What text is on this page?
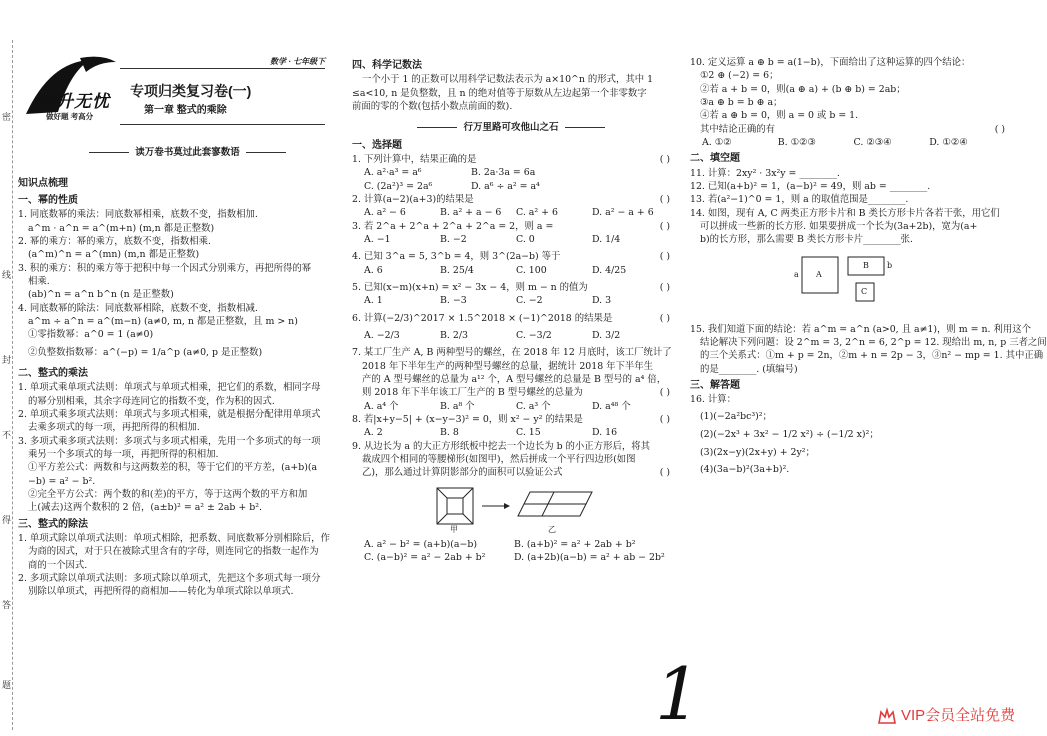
密
线
封
不
得
答
题
高升无忧
做好题 考高分
数学 · 七年级下
专项归类复习卷(一)
第一章 整式的乘除
读万卷书莫过此套寥数语
知识点梳理
一、幂的性质
1. 同底数幂的乘法：同底数幂相乘，底数不变，指数相加.
a^m · a^n = a^(m+n) (m,n 都是正整数)
2. 幂的乘方：幂的乘方，底数不变，指数相乘.
(a^m)^n = a^(mn) (m,n 都是正整数)
3. 积的乘方：积的乘方等于把积中每一个因式分别乘方，再把所得的幂
相乘.
(ab)^n = a^n b^n (n 是正整数)
4. 同底数幂的除法：同底数幂相除，底数不变，指数相减.
a^m ÷ a^n = a^(m−n) (a≠0, m, n 都是正整数，且 m > n)
①零指数幂：a^0 = 1 (a≠0)
②负整数指数幂：a^(−p) = 1/a^p (a≠0, p 是正整数)
二、整式的乘法
1. 单项式乘单项式法则：单项式与单项式相乘，把它们的系数，相同字母
的幂分别相乘，其余字母连同它的指数不变，作为积的因式.
2. 单项式乘多项式法则：单项式与多项式相乘，就是根据分配律用单项式
去乘多项式的每一项，再把所得的积相加.
3. 多项式乘多项式法则：多项式与多项式相乘，先用一个多项式的每一项
乘另一个多项式的每一项，再把所得的积相加.
①平方差公式：两数和与这两数差的积，等于它们的平方差，(a+b)(a
−b) = a² − b².
②完全平方公式：两个数的和(差)的平方，等于这两个数的平方和加
上(减去)这两个数积的 2 倍，(a±b)² = a² ± 2ab + b².
三、整式的除法
1. 单项式除以单项式法则：单项式相除，把系数、同底数幂分别相除后，作
为商的因式，对于只在被除式里含有的字母，则连同它的指数一起作为
商的一个因式.
2. 多项式除以单项式法则：多项式除以单项式，先把这个多项式每一项分
别除以单项式，再把所得的商相加——转化为单项式除以单项式.
四、科学记数法
一个小于 1 的正数可以用科学记数法表示为 a×10^n 的形式，其中 1
≤a<10, n 是负整数，且 n 的绝对值等于原数从左边起第一个非零数字
前面的零的个数(包括小数点前面的数).
行万里路可攻他山之石
一、选择题
1. 下列计算中，结果正确的是	( )
A. a²·a³ = a⁶	B. 2a·3a = 6a
C. (2a²)³ = 2a⁶	D. a⁶ ÷ a² = a⁴
2. 计算(a−2)(a+3)的结果是	( )
A. a² − 6	B. a² + a − 6	C. a² + 6	D. a² − a + 6
3. 若 2^a + 2^a + 2^a + 2^a = 2，则 a =	( )
A. −1	B. −2	C. 0	D. 1/4
4. 已知 3^a = 5, 3^b = 4，则 3^(2a−b) 等于	( )
A. 6	B. 25/4	C. 100	D. 4/25
5. 已知(x−m)(x+n) = x² − 3x − 4，则 m − n 的值为	( )
A. 1	B. −3	C. −2	D. 3
6. 计算(−2/3)^2017 × 1.5^2018 × (−1)^2018 的结果是	( )
A. −2/3	B. 2/3	C. −3/2	D. 3/2
7. 某工厂生产 A, B 两种型号的螺丝，在 2018 年 12 月底时，该工厂统计了
2018 年下半年生产的两种型号螺丝的总量，据统计 2018 年下半年生
产的 A 型号螺丝的总量为 a¹² 个，A 型号螺丝的总量是 B 型号的 a⁴ 倍，
则 2018 年下半年该工厂生产的 B 型号螺丝的总量为	( )
A. a⁴ 个	B. a⁸ 个	C. a³ 个	D. a⁴⁸ 个
8. 若|x+y−5| + (x−y−3)² = 0，则 x² − y² 的结果是	( )
A. 2	B. 8	C. 15	D. 16
9. 从边长为 a 的大正方形纸板中挖去一个边长为 b 的小正方形后，将其
裁成四个相同的等腰梯形(如图甲)，然后拼成一个平行四边形(如图
乙)，那么通过计算阴影部分的面积可以验证公式	( )
甲	乙
A. a² − b² = (a+b)(a−b)	B. (a+b)² = a² + 2ab + b²
C. (a−b)² = a² − 2ab + b²	D. (a+2b)(a−b) = a² + ab − 2b²
1
10. 定义运算 a ⊕ b = a(1−b)，下面给出了这种运算的四个结论：
①2 ⊕ (−2) = 6；
②若 a + b = 0，则(a ⊕ a) + (b ⊕ b) = 2ab；
③a ⊕ b = b ⊕ a；
④若 a ⊕ b = 0，则 a = 0 或 b = 1.
其中结论正确的有	( )
A. ①②	B. ①②③	C. ②③④	D. ①②④
二、填空题
11. 计算：2xy² · 3x²y = ________.
12. 已知(a+b)² = 1，(a−b)² = 49，则 ab = ________.
13. 若(a²−1)^0 = 1，则 a 的取值范围是________.
14. 如图，现有 A, C 两类正方形卡片和 B 类长方形卡片各若干张，用它们
可以拼成一些新的长方形. 如果要拼成一个长为(3a+2b)，宽为(a+
b)的长方形，那么需要 B 类长方形卡片________张.
A
B
C
a
b
15. 我们知道下面的结论：若 a^m = a^n (a>0, 且 a≠1)，则 m = n. 利用这个
结论解决下列问题：设 2^m = 3, 2^n = 6, 2^p = 12. 现给出 m, n, p 三者之间
的三个关系式：①m + p = 2n，②m + n = 2p − 3，③n² − mp = 1. 其中正确
的是________. (填编号)
三、解答题
16. 计算：
(1)(−2a²bc³)²；
(2)(−2x³ + 3x² − 1/2 x²) ÷ (−1/2 x)²；
(3)(2x−y)(2x+y) + 2y²；
(4)(3a−b)²(3a+b)².
VIP会员全站免费
